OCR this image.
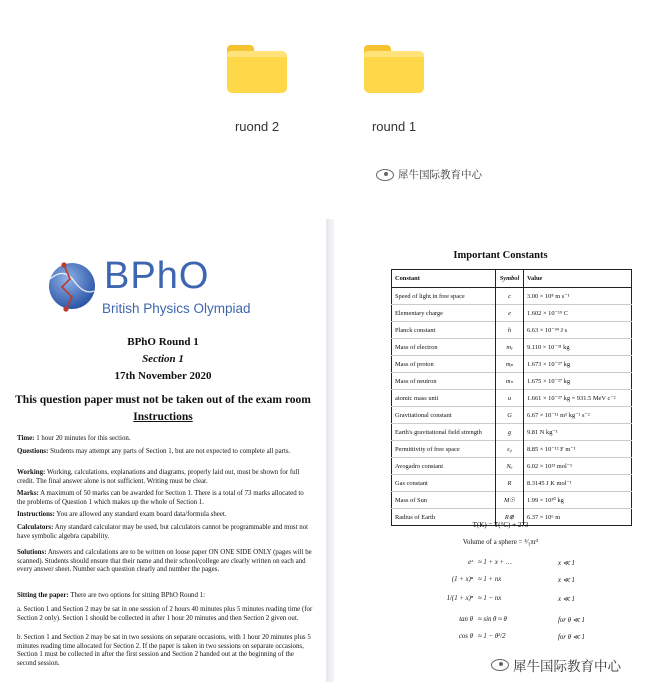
ruond 2	round 1
犀牛国际教育中心
BPhO
British Physics Olympiad
BPhO Round 1
Section 1
17th November 2020
This question paper must not be taken out of the exam room
Instructions
Time: 1 hour 20 minutes for this section.
Questions: Students may attempt any parts of Section 1, but are not expected to complete all parts.
Working: Working, calculations, explanations and diagrams, properly laid out, must be shown for full credit. The final answer alone is not sufficient. Writing must be clear.
Marks: A maximum of 50 marks can be awarded for Section 1. There is a total of 73 marks allocated to the problems of Question 1 which makes up the whole of Section 1.
Instructions: You are allowed any standard exam board data/formula sheet.
Calculators: Any standard calculator may be used, but calculators cannot be programmable and must not have symbolic algebra capability.
Solutions: Answers and calculations are to be written on loose paper ON ONE SIDE ONLY (pages will be scanned). Students should ensure that their name and their school/college are clearly written on each and every answer sheet. Number each question clearly and number the pages.
Sitting the paper: There are two options for sitting BPhO Round 1:
a. Section 1 and Section 2 may be sat in one session of 2 hours 40 minutes plus 5 minutes reading time (for Section 2 only). Section 1 should be collected in after 1 hour 20 minutes and then Section 2 given out.
b. Section 1 and Section 2 may be sat in two sessions on separate occasions, with 1 hour 20 minutes plus 5 minutes reading time allocated for Section 2. If the paper is taken in two sessions on separate occasions, Section 1 must be collected in after the first session and Section 2 handed out at the beginning of the second session.
Important Constants
Constant	Symbol	Value
Speed of light in free space	c	3.00 × 10⁸ m s⁻¹
Elementary charge	e	1.602 × 10⁻¹⁹ C
Planck constant	h	6.63 × 10⁻³⁴ J s
Mass of electron	mₑ	9.110 × 10⁻³¹ kg
Mass of proton	mₚ	1.673 × 10⁻²⁷ kg
Mass of neutron	mₙ	1.675 × 10⁻²⁷ kg
atomic mass unit	u	1.661 × 10⁻²⁷ kg = 931.5 MeV c⁻²
Gravitational constant	G	6.67 × 10⁻¹¹ m³ kg⁻¹ s⁻²
Earth's gravitational field strength	g	9.81 N kg⁻¹
Permittivity of free space	ε₀	8.85 × 10⁻¹² F m⁻¹
Avogadro constant	Nₐ	6.02 × 10²³ mol⁻¹
Gas constant	R	8.3145 J K mol⁻¹
Mass of Sun	M☉	1.99 × 10³⁰ kg
Radius of Earth	R⊕	6.37 × 10⁶ m
T(K) = T(°C) + 273
Volume of a sphere = ⁴⁄₃πr³
eˣ ≈ 1 + x + …	x ≪ 1
(1 + x)ⁿ ≈ 1 + nx	x ≪ 1
1/(1 + x)ⁿ ≈ 1 − nx	x ≪ 1
tan θ ≈ sin θ ≈ θ	for θ ≪ 1
cos θ ≈ 1 − θ²/2	for θ ≪ 1
犀牛国际教育中心
